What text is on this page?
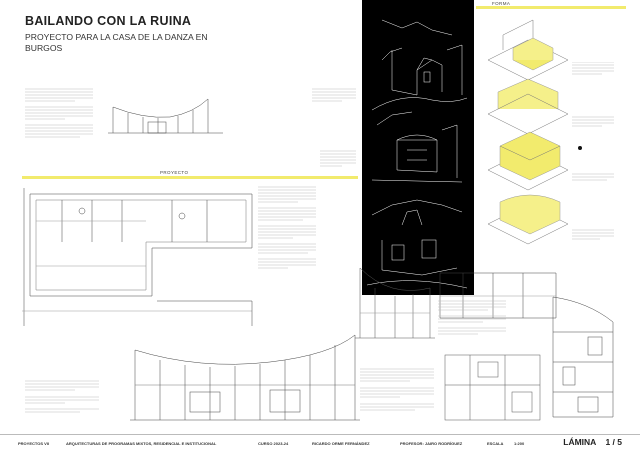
BAILANDO CON LA RUINA
PROYECTO PARA LA CASA DE LA DANZA EN BURGOS
FORMA
PROYECTO
PROYECTOS VII	ARQUITECTURAS DE PROGRAMAS MIXTOS, RESIDENCIAL E INSTITUCIONAL	CURSO 2023-24	RICARDO ORME FERNÁNDEZ	PROFESOR: JAIRO RODRÍGUEZ	ESCALA	1:200	LÁMINA 1 / 5
